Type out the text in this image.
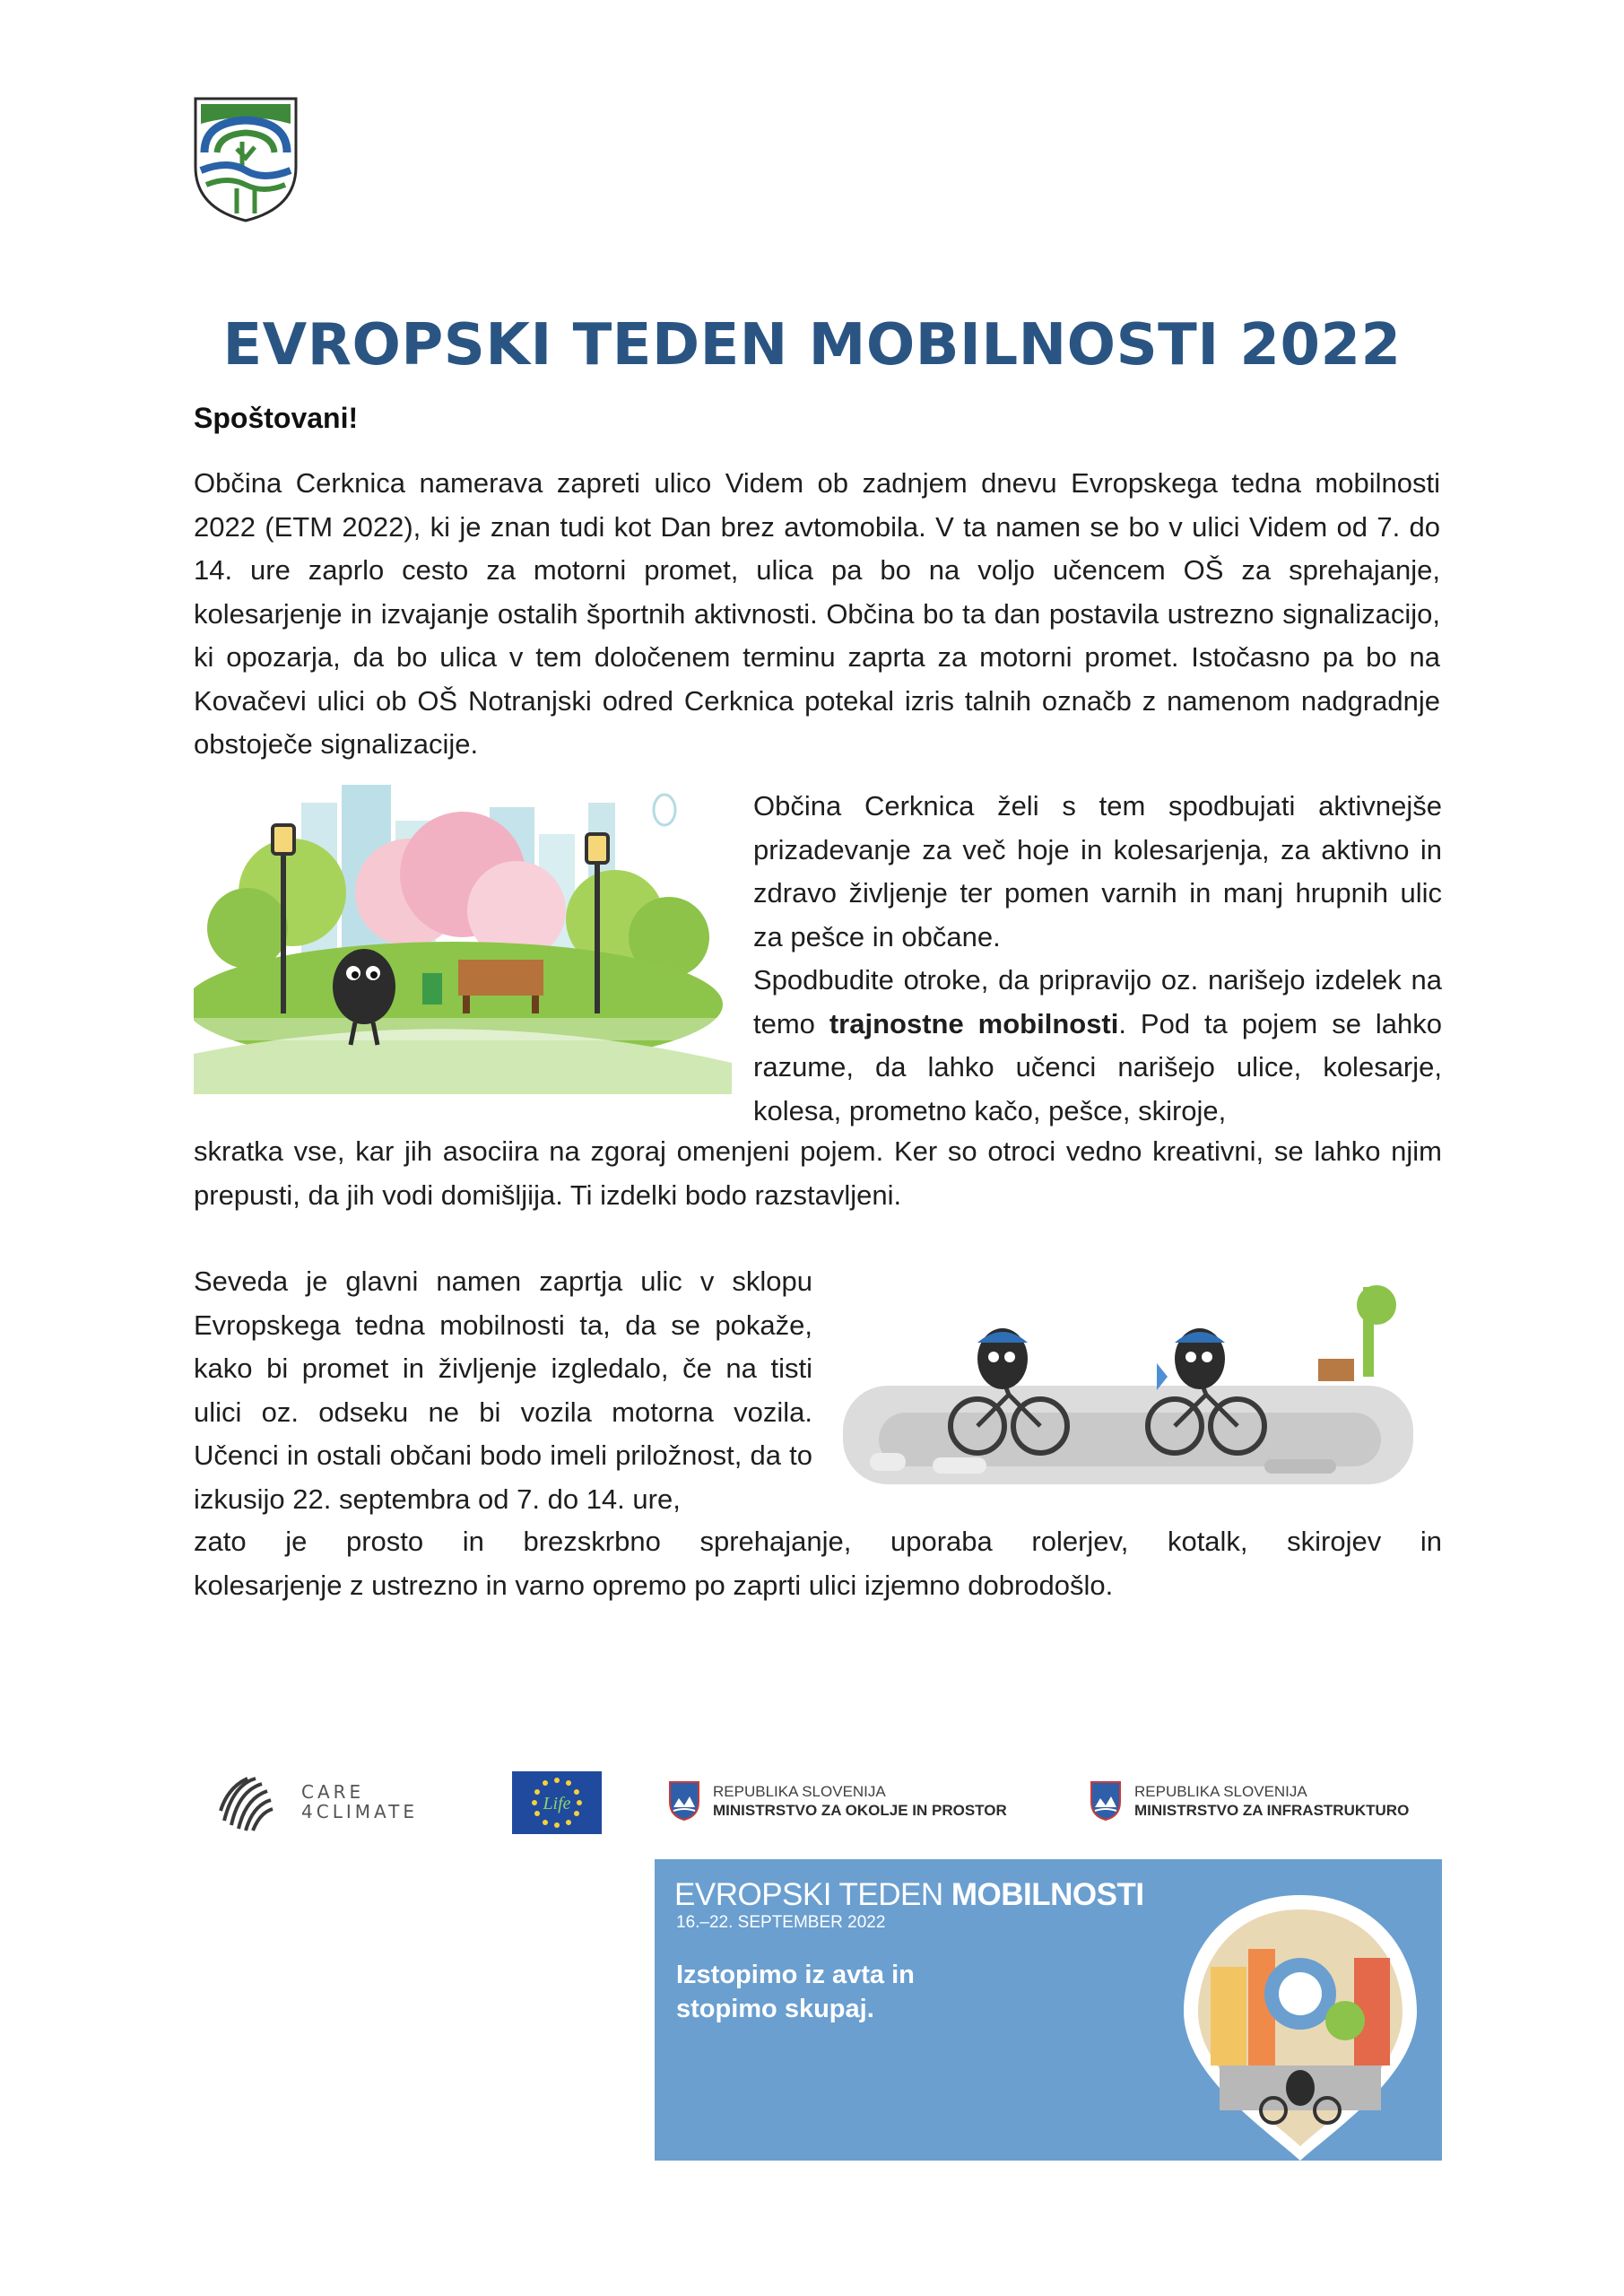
EVROPSKI TEDEN MOBILNOSTI 2022
Spoštovani!
Občina Cerknica namerava zapreti ulico Videm ob zadnjem dnevu Evropskega tedna mobilnosti 2022 (ETM 2022), ki je znan tudi kot Dan brez avtomobila. V ta namen se bo v ulici Videm od 7. do 14. ure zaprlo cesto za motorni promet, ulica pa bo na voljo učencem OŠ za sprehajanje, kolesarjenje in izvajanje ostalih športnih aktivnosti. Občina bo ta dan postavila ustrezno signalizacijo, ki opozarja, da bo ulica v tem določenem terminu zaprta za motorni promet. Istočasno pa bo na Kovačevi ulici ob OŠ Notranjski odred Cerknica potekal izris talnih označb z namenom nadgradnje obstoječe signalizacije.
Občina Cerknica želi s tem spodbujati aktivnejše prizadevanje za več hoje in kolesarjenja, za aktivno in zdravo življenje ter pomen varnih in manj hrupnih ulic za pešce in občane.
Spodbudite otroke, da pripravijo oz. narišejo izdelek na temo trajnostne mobilnosti. Pod ta pojem se lahko razume, da lahko učenci narišejo ulice, kolesarje, kolesa, prometno kačo, pešce, skiroje,
skratka vse, kar jih asociira na zgoraj omenjeni pojem. Ker so otroci vedno kreativni, se lahko njim prepusti, da jih vodi domišljija. Ti izdelki bodo razstavljeni.
Seveda je glavni namen zaprtja ulic v sklopu Evropskega tedna mobilnosti ta, da se pokaže, kako bi promet in življenje izgledalo, če na tisti ulici oz. odseku ne bi vozila motorna vozila. Učenci in ostali občani bodo imeli priložnost, da to izkusijo 22. septembra od 7. do 14. ure,
zato je prosto in brezskrbno sprehajanje, uporaba rolerjev, kotalk, skirojev in
kolesarjenje z ustrezno in varno opremo po zaprti ulici izjemno dobrodošlo.
CARE
4CLIMATE	Life
REPUBLIKA SLOVENIJA
MINISTRSTVO ZA OKOLJE IN PROSTOR
REPUBLIKA SLOVENIJA
MINISTRSTVO ZA INFRASTRUKTURO
EVROPSKI TEDEN MOBILNOSTI
16.–22. SEPTEMBER 2022
Izstopimo iz avta in
stopimo skupaj.
